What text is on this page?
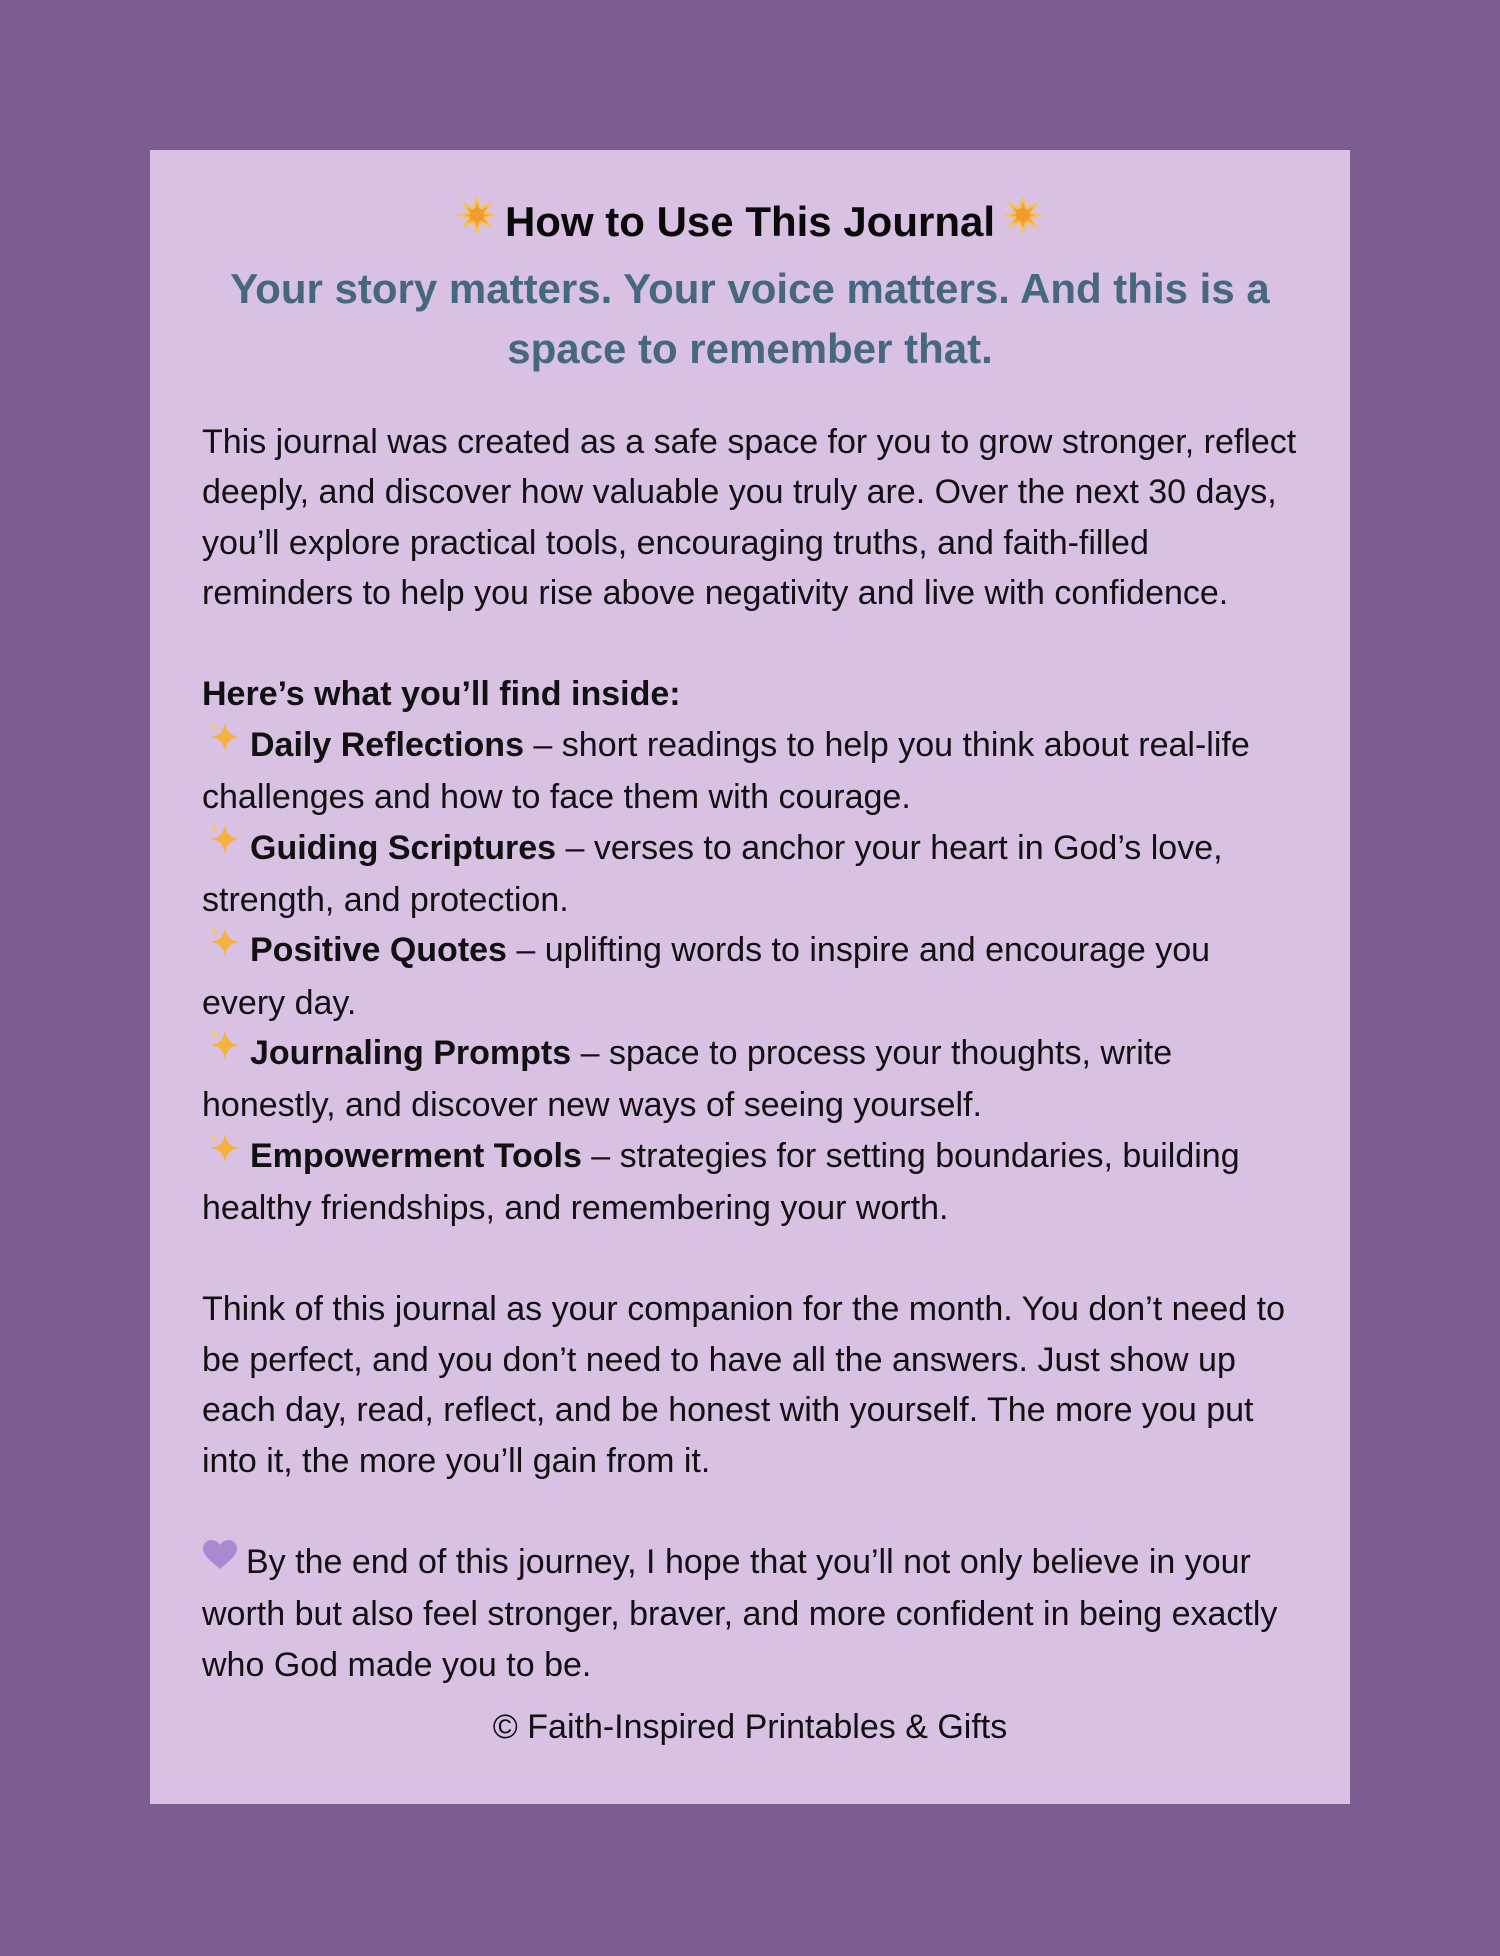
How to Use This Journal
Your story matters. Your voice matters. And this is a space to remember that.

This journal was created as a safe space for you to grow stronger, reflect deeply, and discover how valuable you truly are. Over the next 30 days, you’ll explore practical tools, encouraging truths, and faith-filled reminders to help you rise above negativity and live with confidence.

Here’s what you’ll find inside:

Daily Reflections – short readings to help you think about real-life challenges and how to face them with courage.

Guiding Scriptures – verses to anchor your heart in God’s love, strength, and protection.

Positive Quotes – uplifting words to inspire and encourage you every day.

Journaling Prompts – space to process your thoughts, write honestly, and discover new ways of seeing yourself.

Empowerment Tools – strategies for setting boundaries, building healthy friendships, and remembering your worth.

Think of this journal as your companion for the month. You don’t need to be perfect, and you don’t need to have all the answers. Just show up each day, read, reflect, and be honest with yourself. The more you put into it, the more you’ll gain from it.

By the end of this journey, I hope that you’ll not only believe in your worth but also feel stronger, braver, and more confident in being exactly who God made you to be.

© Faith-Inspired Printables & Gifts
